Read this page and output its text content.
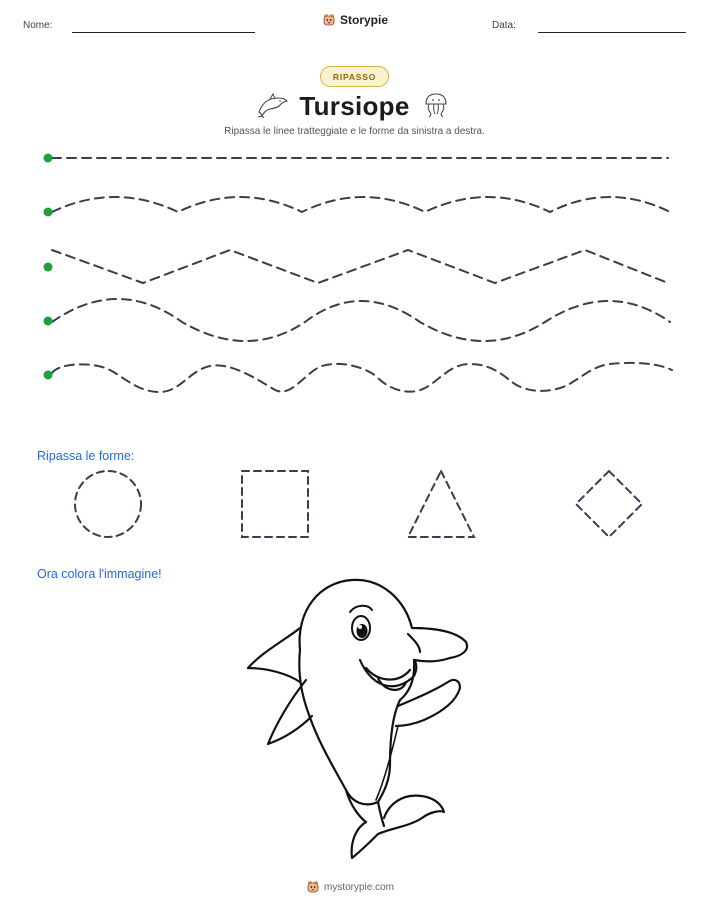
Nome:	Storypie	Data:
RIPASSO
Tursiope
Ripassa le linee tratteggiate e le forme da sinistra a destra.
Ripassa le forme:
Ora colora l'immagine!
mystorypie.com
